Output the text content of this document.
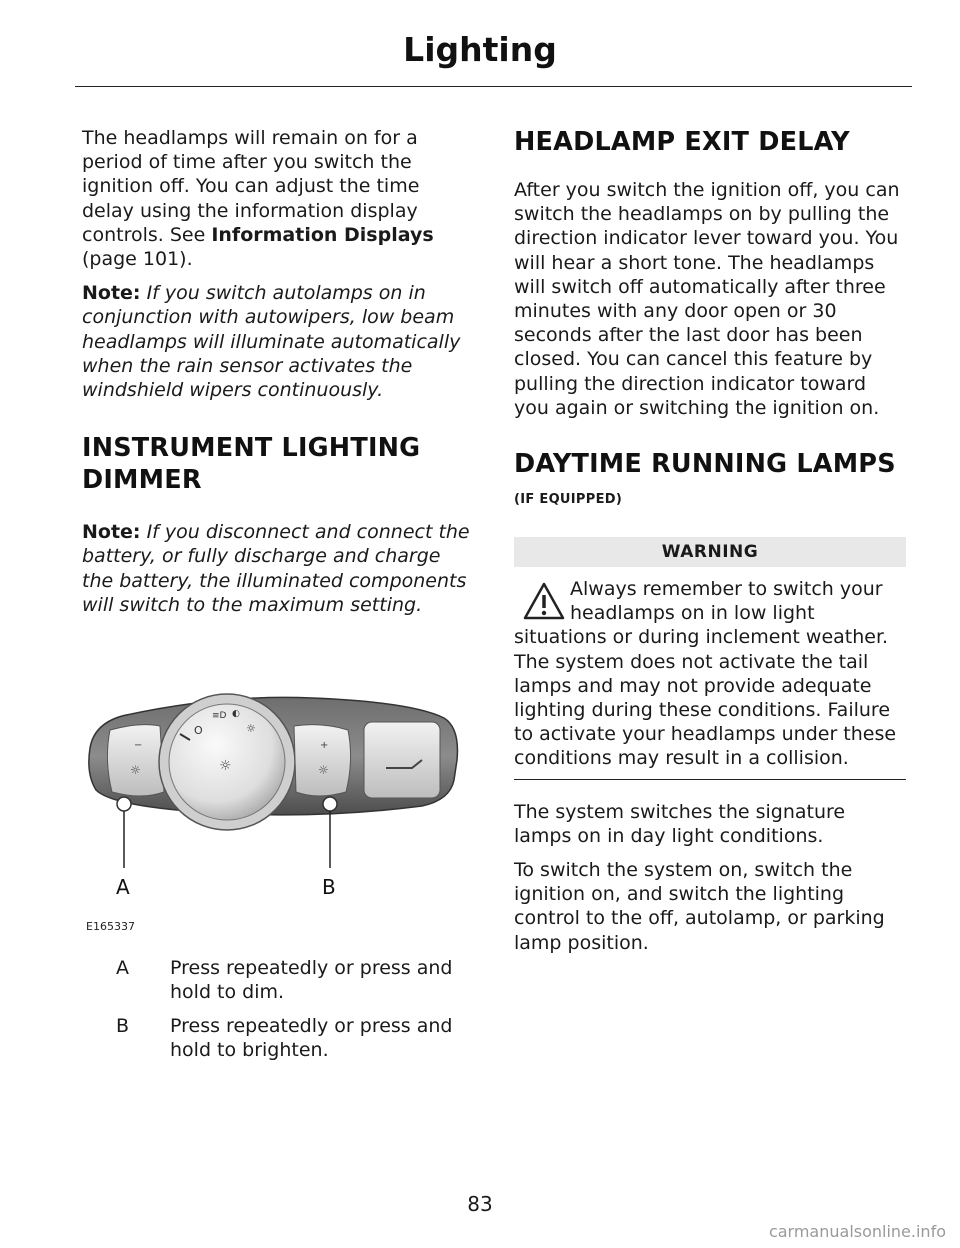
Lighting

The headlamps will remain on for a period of time after you switch the ignition off. You can adjust the time delay using the information display controls. See Information Displays (page 101).

Note: If you switch autolamps on in conjunction with autowipers, low beam headlamps will illuminate automatically when the rain sensor activates the windshield wipers continuously.

INSTRUMENT LIGHTING
DIMMER

Note: If you disconnect and connect the battery, or fully discharge and charge the battery, the illuminated components will switch to the maximum setting.

☼
−
☼
O
≡D ◐
☼
☼
+
A	B
E165337
A Press repeatedly or press and hold to dim.
B Press repeatedly or press and hold to brighten.
HEADLAMP EXIT DELAY

After you switch the ignition off, you can switch the headlamps on by pulling the direction indicator lever toward you. You will hear a short tone. The headlamps will switch off automatically after three minutes with any door open or 30 seconds after the last door has been closed. You can cancel this feature by pulling the direction indicator toward you again or switching the ignition on.

DAYTIME RUNNING LAMPS
(IF EQUIPPED)
WARNING

Always remember to switch your headlamps on in low light

situations or during inclement weather. The system does not activate the tail lamps and may not provide adequate lighting during these conditions. Failure to activate your headlamps under these conditions may result in a collision.

The system switches the signature lamps on in day light conditions.

To switch the system on, switch the ignition on, and switch the lighting control to the off, autolamp, or parking lamp position.

83
carmanualsonline.info
